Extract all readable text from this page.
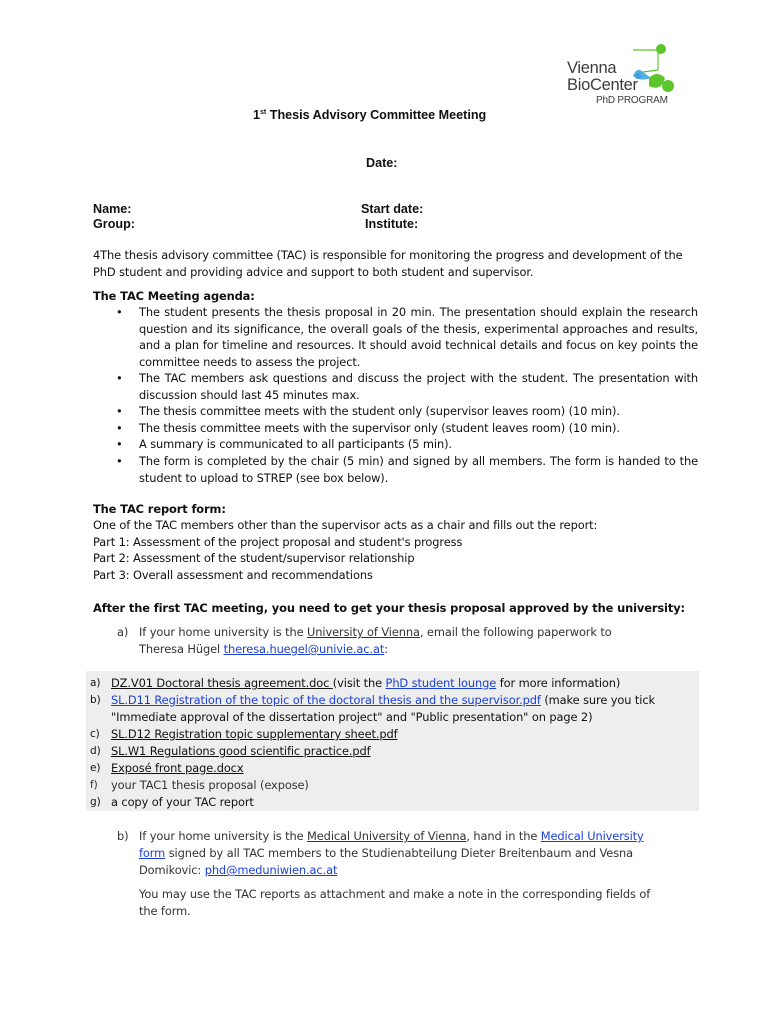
Vienna
BioCenter
PhD PROGRAM
1st Thesis Advisory Committee Meeting
Date:
Name:
Group:
Start date:
Institute:
4The thesis advisory committee (TAC) is responsible for monitoring the progress and development of the PhD student and providing advice and support to both student and supervisor.
The TAC Meeting agenda:
• The student presents the thesis proposal in 20 min. The presentation should explain the research question and its significance, the overall goals of the thesis, experimental approaches and results, and a plan for timeline and resources. It should avoid technical details and focus on key points the committee needs to assess the project.
• The TAC members ask questions and discuss the project with the student. The presentation with discussion should last 45 minutes max.
• The thesis committee meets with the student only (supervisor leaves room) (10 min).
• The thesis committee meets with the supervisor only (student leaves room) (10 min).
• A summary is communicated to all participants (5 min).
• The form is completed by the chair (5 min) and signed by all members. The form is handed to the student to upload to STREP (see box below).
The TAC report form:
One of the TAC members other than the supervisor acts as a chair and fills out the report:
Part 1: Assessment of the project proposal and student's progress
Part 2: Assessment of the student/supervisor relationship
Part 3: Overall assessment and recommendations
After the first TAC meeting, you need to get your thesis proposal approved by the university:
a) If your home university is the University of Vienna, email the following paperwork to
Theresa Hügel theresa.huegel@univie.ac.at:
a) DZ.V01 Doctoral thesis agreement.doc (visit the PhD student lounge for more information)
b) SL.D11 Registration of the topic of the doctoral thesis and the supervisor.pdf (make sure you tick
"Immediate approval of the dissertation project" and "Public presentation" on page 2)
c) SL.D12 Registration topic supplementary sheet.pdf
d) SL.W1 Regulations good scientific practice.pdf
e) Exposé front page.docx
f) your TAC1 thesis proposal (expose)
g) a copy of your TAC report
b) If your home university is the Medical University of Vienna, hand in the Medical University
form signed by all TAC members to the Studienabteilung Dieter Breitenbaum and Vesna
Domikovic: phd@meduniwien.ac.at
You may use the TAC reports as attachment and make a note in the corresponding fields of
the form.
